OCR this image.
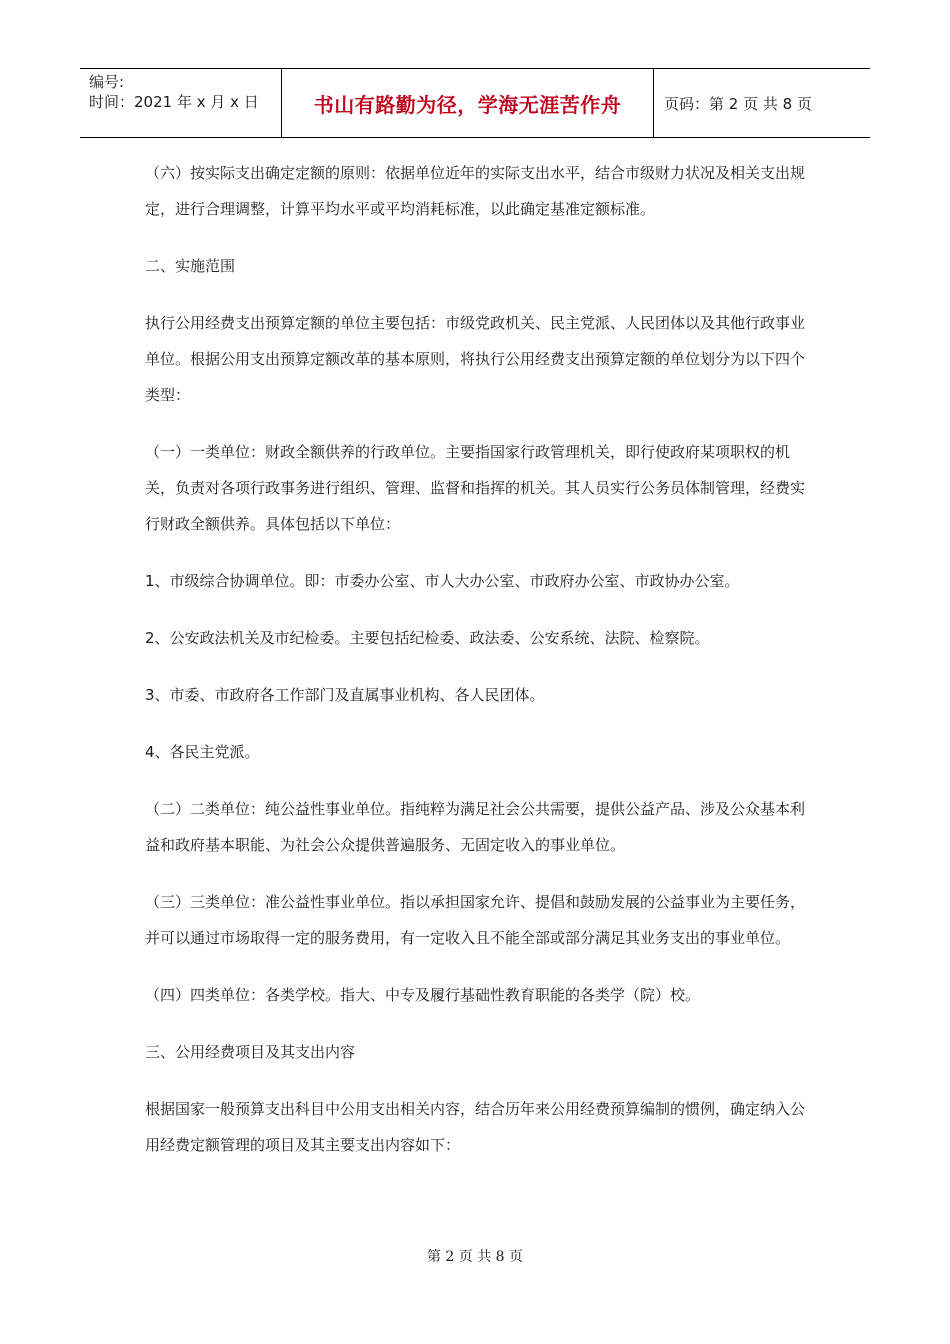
编号:
时间：2021 年 x 月 x 日	书山有路勤为径，学海无涯苦作舟	页码：第 2 页 共 8 页

（六）按实际支出确定定额的原则：依据单位近年的实际支出水平，结合市级财力状况及相关支出规定，进行合理调整，计算平均水平或平均消耗标准，以此确定基准定额标准。

二、实施范围

执行公用经费支出预算定额的单位主要包括：市级党政机关、民主党派、人民团体以及其他行政事业单位。根据公用支出预算定额改革的基本原则，将执行公用经费支出预算定额的单位划分为以下四个类型：

（一）一类单位：财政全额供养的行政单位。主要指国家行政管理机关，即行使政府某项职权的机关，负责对各项行政事务进行组织、管理、监督和指挥的机关。其人员实行公务员体制管理，经费实行财政全额供养。具体包括以下单位：

1、市级综合协调单位。即：市委办公室、市人大办公室、市政府办公室、市政协办公室。

2、公安政法机关及市纪检委。主要包括纪检委、政法委、公安系统、法院、检察院。

3、市委、市政府各工作部门及直属事业机构、各人民团体。

4、各民主党派。

（二）二类单位：纯公益性事业单位。指纯粹为满足社会公共需要，提供公益产品、涉及公众基本利益和政府基本职能、为社会公众提供普遍服务、无固定收入的事业单位。

（三）三类单位：准公益性事业单位。指以承担国家允许、提倡和鼓励发展的公益事业为主要任务，并可以通过市场取得一定的服务费用，有一定收入且不能全部或部分满足其业务支出的事业单位。

（四）四类单位：各类学校。指大、中专及履行基础性教育职能的各类学（院）校。

三、公用经费项目及其支出内容

根据国家一般预算支出科目中公用支出相关内容，结合历年来公用经费预算编制的惯例，确定纳入公用经费定额管理的项目及其主要支出内容如下：

第 2 页 共 8 页
